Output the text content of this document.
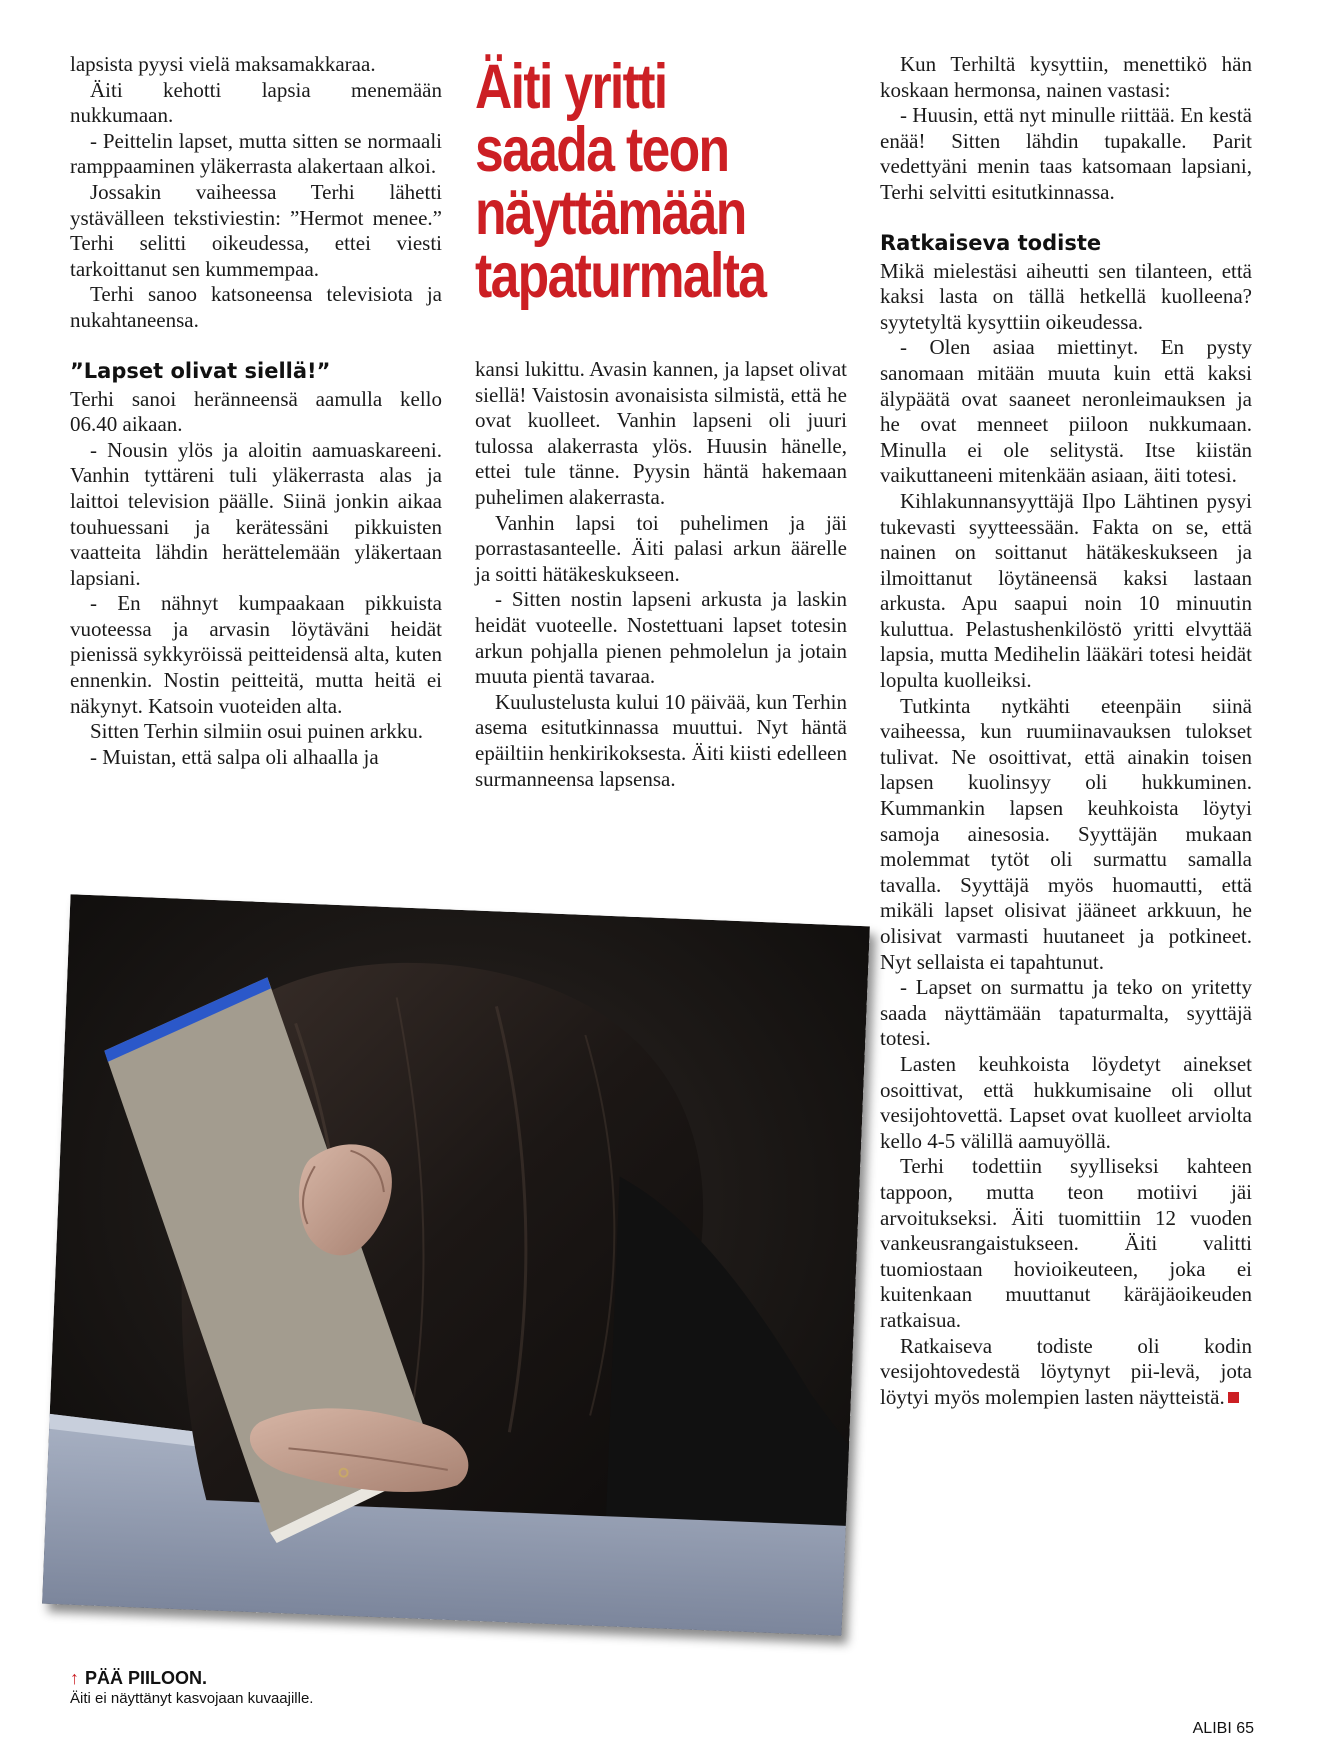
lapsista pyysi vielä maksamakkaraa.

Äiti kehotti lapsia menemään nukkumaan.

- Peittelin lapset, mutta sitten se normaali ramppaaminen yläkerrasta alakertaan alkoi.

Jossakin vaiheessa Terhi lähetti ystävälleen tekstiviestin: ”Hermot menee.” Terhi selitti oikeudessa, ettei viesti tarkoittanut sen kummempaa.

Terhi sanoo katsoneensa televisiota ja nukahtaneensa.

”Lapset olivat siellä!”

Terhi sanoi heränneensä aamulla kello 06.40 aikaan.

- Nousin ylös ja aloitin aamuaskareeni. Vanhin tyttäreni tuli yläkerrasta alas ja laittoi television päälle. Siinä jonkin aikaa touhuessani ja kerätessäni pikkuisten vaatteita lähdin herättelemään yläkertaan lapsiani.

- En nähnyt kumpaakaan pikkuista vuoteessa ja arvasin löytäväni heidät pienissä sykkyröissä peitteidensä alta, kuten ennenkin. Nostin peitteitä, mutta heitä ei näkynyt. Katsoin vuoteiden alta.

Sitten Terhin silmiin osui puinen arkku.

- Muistan, että salpa oli alhaalla ja

Äiti yritti saada teon näyttämään tapaturmalta

kansi lukittu. Avasin kannen, ja lapset olivat siellä! Vaistosin avonaisista silmistä, että he ovat kuolleet. Vanhin lapseni oli juuri tulossa alakerrasta ylös. Huusin hänelle, ettei tule tänne. Pyysin häntä hakemaan puhelimen alakerrasta.

Vanhin lapsi toi puhelimen ja jäi porrastasanteelle. Äiti palasi arkun äärelle ja soitti hätäkeskukseen.

- Sitten nostin lapseni arkusta ja laskin heidät vuoteelle. Nostettuani lapset totesin arkun pohjalla pienen pehmolelun ja jotain muuta pientä tavaraa.

Kuulustelusta kului 10 päivää, kun Terhin asema esitutkinnassa muuttui. Nyt häntä epäiltiin henkirikoksesta. Äiti kiisti edelleen surmanneensa lapsensa.

Kun Terhiltä kysyttiin, menettikö hän koskaan hermonsa, nainen vastasi:

- Huusin, että nyt minulle riittää. En kestä enää! Sitten lähdin tupakalle. Parit vedettyäni menin taas katsomaan lapsiani, Terhi selvitti esitutkinnassa.

Ratkaiseva todiste

Mikä mielestäsi aiheutti sen tilanteen, että kaksi lasta on tällä hetkellä kuolleena? syytetyltä kysyttiin oikeudessa.

- Olen asiaa miettinyt. En pysty sanomaan mitään muuta kuin että kaksi älypäätä ovat saaneet neronleimauksen ja he ovat menneet piiloon nukkumaan. Minulla ei ole selitystä. Itse kiistän vaikuttaneeni mitenkään asiaan, äiti totesi.

Kihlakunnansyyttäjä Ilpo Lähtinen pysyi tukevasti syytteessään. Fakta on se, että nainen on soittanut hätäkeskukseen ja ilmoittanut löytäneensä kaksi lastaan arkusta. Apu saapui noin 10 minuutin kuluttua. Pelastushenkilöstö yritti elvyttää lapsia, mutta Medihelin lääkäri totesi heidät lopulta kuolleiksi.

Tutkinta nytkähti eteenpäin siinä vaiheessa, kun ruumiinavauksen tulokset tulivat. Ne osoittivat, että ainakin toisen lapsen kuolinsyy oli hukkuminen. Kummankin lapsen keuhkoista löytyi samoja ainesosia. Syyttäjän mukaan molemmat tytöt oli surmattu samalla tavalla. Syyttäjä myös huomautti, että mikäli lapset olisivat jääneet arkkuun, he olisivat varmasti huutaneet ja potkineet. Nyt sellaista ei tapahtunut.

- Lapset on surmattu ja teko on yritetty saada näyttämään tapaturmalta, syyttäjä totesi.

Lasten keuhkoista löydetyt ainekset osoittivat, että hukkumisaine oli ollut vesijohtovettä. Lapset ovat kuolleet arviolta kello 4-5 välillä aamuyöllä.

Terhi todettiin syylliseksi kahteen tappoon, mutta teon motiivi jäi arvoitukseksi. Äiti tuomittiin 12 vuoden vankeusrangaistukseen. Äiti valitti tuomiostaan hovioikeuteen, joka ei kuitenkaan muuttanut käräjäoikeuden ratkaisua.

Ratkaiseva todiste oli kodin vesijohtovedestä löytynyt pii-levä, jota löytyi myös molempien lasten näytteistä.

↑ PÄÄ PIILOON.
Äiti ei näyttänyt kasvojaan kuvaajille.
ALIBI 65
